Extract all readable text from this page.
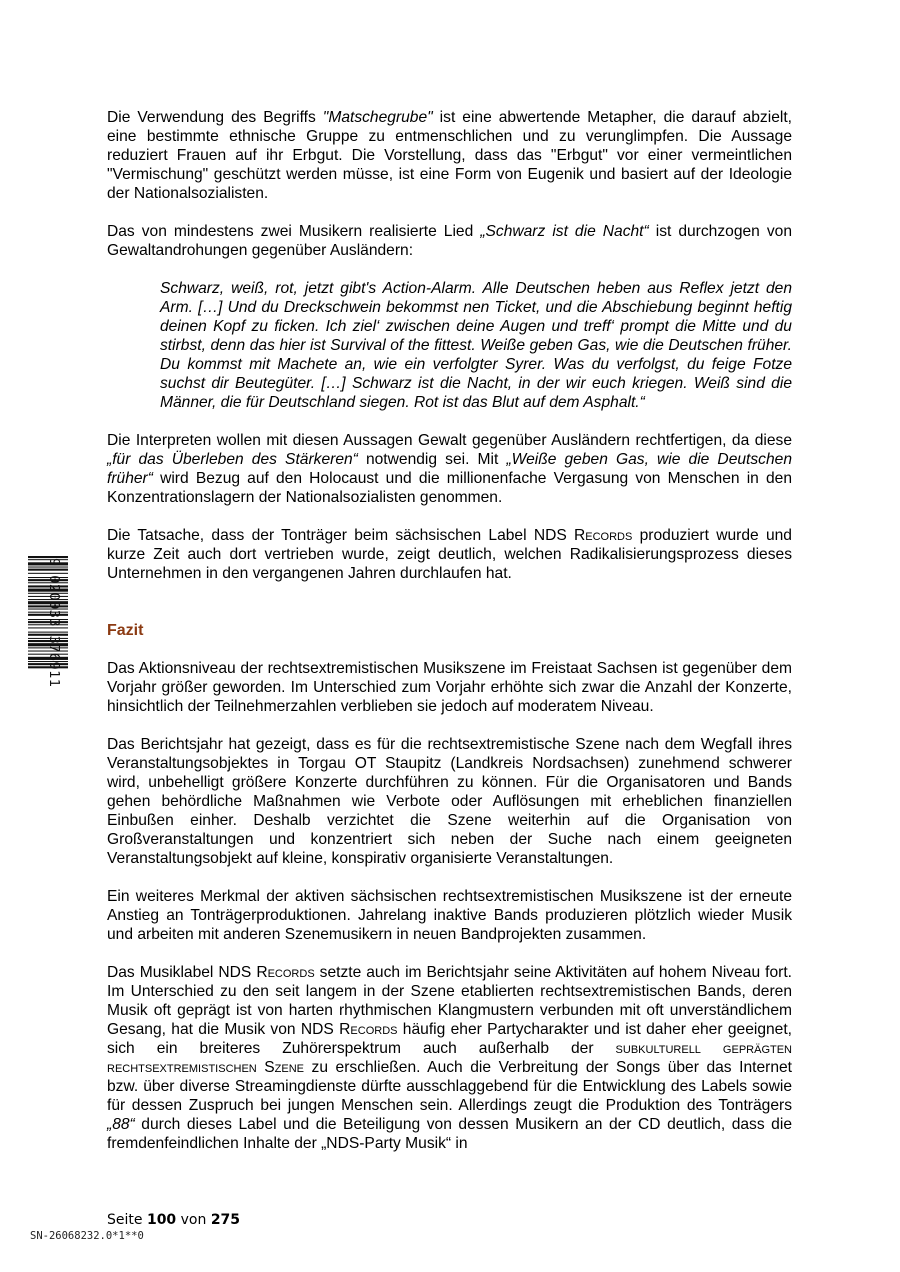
Die Verwendung des Begriffs "Matschegrube" ist eine abwertende Metapher, die darauf abzielt, eine bestimmte ethnische Gruppe zu entmenschlichen und zu verunglimpfen. Die Aussage reduziert Frauen auf ihr Erbgut. Die Vorstellung, dass das "Erbgut" vor einer vermeintlichen "Vermischung" geschützt werden müsse, ist eine Form von Eugenik und basiert auf der Ideologie der Nationalsozialisten.

Das von mindestens zwei Musikern realisierte Lied „Schwarz ist die Nacht“ ist durchzogen von Gewaltandrohungen gegenüber Ausländern:

Schwarz, weiß, rot, jetzt gibt's Action-Alarm. Alle Deutschen heben aus Reflex jetzt den Arm. […] Und du Dreckschwein bekommst nen Ticket, und die Abschiebung beginnt heftig deinen Kopf zu ficken. Ich ziel‘ zwischen deine Augen und treff‘ prompt die Mitte und du stirbst, denn das hier ist Survival of the fittest. Weiße geben Gas, wie die Deutschen früher. Du kommst mit Machete an, wie ein verfolgter Syrer. Was du verfolgst, du feige Fotze suchst dir Beutegüter. […] Schwarz ist die Nacht, in der wir euch kriegen. Weiß sind die Männer, die für Deutschland siegen. Rot ist das Blut auf dem Asphalt.“

Die Interpreten wollen mit diesen Aussagen Gewalt gegenüber Ausländern rechtfertigen, da diese „für das Überleben des Stärkeren“ notwendig sei. Mit „Weiße geben Gas, wie die Deutschen früher“ wird Bezug auf den Holocaust und die millionenfache Vergasung von Menschen in den Konzentrationslagern der Nationalsozialisten genommen.

Die Tatsache, dass der Tonträger beim sächsischen Label NDS Records produziert wurde und kurze Zeit auch dort vertrieben wurde, zeigt deutlich, welchen Radikalisierungsprozess dieses Unternehmen in den vergangenen Jahren durchlaufen hat.

Fazit

Das Aktionsniveau der rechtsextremistischen Musikszene im Freistaat Sachsen ist gegenüber dem Vorjahr größer geworden. Im Unterschied zum Vorjahr erhöhte sich zwar die Anzahl der Konzerte, hinsichtlich der Teilnehmerzahlen verblieben sie jedoch auf moderatem Niveau.

Das Berichtsjahr hat gezeigt, dass es für die rechtsextremistische Szene nach dem Wegfall ihres Veranstaltungsobjektes in Torgau OT Staupitz (Landkreis Nordsachsen) zunehmend schwerer wird, unbehelligt größere Konzerte durchführen zu können. Für die Organisatoren und Bands gehen behördliche Maßnahmen wie Verbote oder Auflösungen mit erheblichen finanziellen Einbußen einher. Deshalb verzichtet die Szene weiterhin auf die Organisation von Großveranstaltungen und konzentriert sich neben der Suche nach einem geeigneten Veranstaltungsobjekt auf kleine, konspirativ organisierte Veranstaltungen.

Ein weiteres Merkmal der aktiven sächsischen rechtsextremistischen Musikszene ist der erneute Anstieg an Tonträgerproduktionen. Jahrelang inaktive Bands produzieren plötzlich wieder Musik und arbeiten mit anderen Szenemusikern in neuen Bandprojekten zusammen.

Das Musiklabel NDS Records setzte auch im Berichtsjahr seine Aktivitäten auf hohem Niveau fort. Im Unterschied zu den seit langem in der Szene etablierten rechtsextremistischen Bands, deren Musik oft geprägt ist von harten rhythmischen Klangmustern verbunden mit oft unverständlichem Gesang, hat die Musik von NDS Records häufig eher Partycharakter und ist daher eher geeignet, sich ein breiteres Zuhörerspektrum auch außerhalb der subkulturell geprägten rechtsextremistischen Szene zu erschließen. Auch die Verbreitung der Songs über das Internet bzw. über diverse Streamingdienste dürfte ausschlaggebend für die Entwicklung des Labels sowie für dessen Zuspruch bei jungen Menschen sein. Allerdings zeugt die Produktion des Tonträgers „88“ durch dieses Label und die Beteiligung von dessen Musikern an der CD deutlich, dass die fremdenfeindlichen Inhalte der „NDS-Party Musik“ in

Seite 100 von 275
SN-26068232.0*1**0
9 020033 376911
